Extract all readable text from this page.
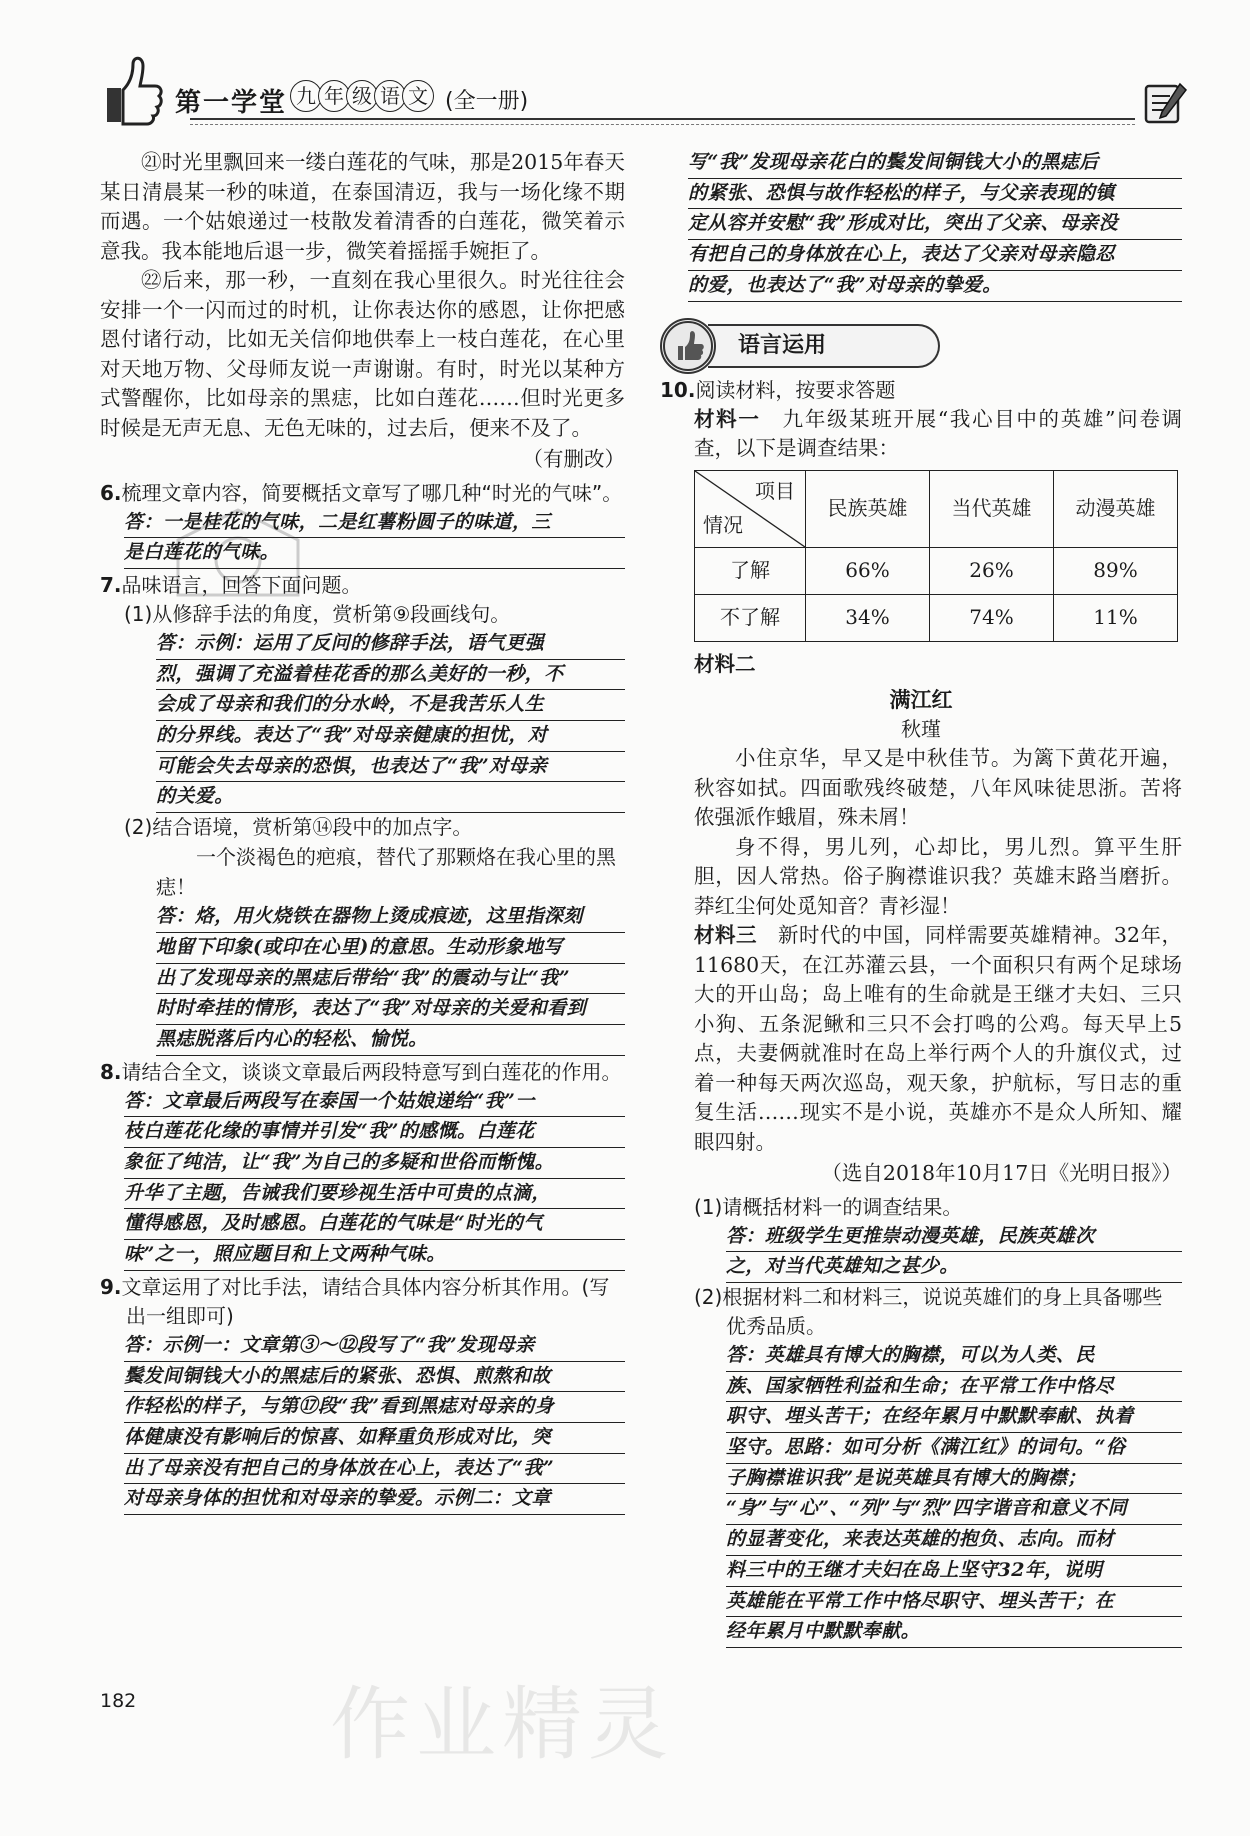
第一学堂 九 年 级 语 文 (全一册)

㉑时光里飘回来一缕白莲花的气味，那是2015年春天某日清晨某一秒的味道，在泰国清迈，我与一场化缘不期而遇。一个姑娘递过一枝散发着清香的白莲花，微笑着示意我。我本能地后退一步，微笑着摇摇手婉拒了。

㉒后来，那一秒，一直刻在我心里很久。时光往往会安排一个一闪而过的时机，让你表达你的感恩，让你把感恩付诸行动，比如无关信仰地供奉上一枝白莲花，在心里对天地万物、父母师友说一声谢谢。有时，时光以某种方式警醒你，比如母亲的黑痣，比如白莲花……但时光更多时候是无声无息、无色无味的，过去后，便来不及了。

（有删改）

6.梳理文章内容，简要概括文章写了哪几种“时光的气味”。

答：一是桂花的气味，二是红薯粉圆子的味道，三
是白莲花的气味。

7.品味语言，回答下面问题。

(1)从修辞手法的角度，赏析第⑨段画线句。

答：示例：运用了反问的修辞手法，语气更强
烈，强调了充溢着桂花香的那么美好的一秒，不
会成了母亲和我们的分水岭，不是我苦乐人生
的分界线。表达了“我”对母亲健康的担忧，对
可能会失去母亲的恐惧，也表达了“我”对母亲
的关爱。

(2)结合语境，赏析第⑭段中的加点字。

一个淡褐色的疤痕，替代了那颗烙在我心里的黑痣！

答：烙，用火烧铁在器物上烫成痕迹，这里指深刻
地留下印象(或印在心里)的意思。生动形象地写
出了发现母亲的黑痣后带给“我”的震动与让“我”
时时牵挂的情形，表达了“我”对母亲的关爱和看到
黑痣脱落后内心的轻松、愉悦。

8.请结合全文，谈谈文章最后两段特意写到白莲花的作用。

答：文章最后两段写在泰国一个姑娘递给“我”一
枝白莲花化缘的事情并引发“我”的感慨。白莲花
象征了纯洁，让“我”为自己的多疑和世俗而惭愧。
升华了主题，告诫我们要珍视生活中可贵的点滴，
懂得感恩，及时感恩。白莲花的气味是“时光的气
味”之一，照应题目和上文两种气味。

9.文章运用了对比手法，请结合具体内容分析其作用。(写出一组即可)

答：示例一：文章第③～⑫段写了“我”发现母亲
鬓发间铜钱大小的黑痣后的紧张、恐惧、煎熬和故
作轻松的样子，与第⑰段“我”看到黑痣对母亲的身
体健康没有影响后的惊喜、如释重负形成对比，突
出了母亲没有把自己的身体放在心上，表达了“我”
对母亲身体的担忧和对母亲的挚爱。示例二：文章
写“我”发现母亲花白的鬓发间铜钱大小的黑痣后
的紧张、恐惧与故作轻松的样子，与父亲表现的镇
定从容并安慰“我”形成对比，突出了父亲、母亲没
有把自己的身体放在心上，表达了父亲对母亲隐忍
的爱，也表达了“我”对母亲的挚爱。
语言运用

10.阅读材料，按要求答题

材料一　 九年级某班开展“我心目中的英雄”问卷调查，以下是调查结果：

项目
情况	民族英雄	当代英雄	动漫英雄
了解	66%	26%	89%
不了解	34%	74%	11%

材料二

满江红

秋瑾

小住京华，早又是中秋佳节。为篱下黄花开遍，秋容如拭。四面歌残终破楚，八年风味徒思浙。苦将侬强派作蛾眉，殊未屑！

身不得，男儿列，心却比，男儿烈。算平生肝胆，因人常热。俗子胸襟谁识我？英雄末路当磨折。莽红尘何处觅知音？青衫湿！

材料三　 新时代的中国，同样需要英雄精神。32年，11680天，在江苏灌云县，一个面积只有两个足球场大的开山岛；岛上唯有的生命就是王继才夫妇、三只小狗、五条泥鳅和三只不会打鸣的公鸡。每天早上5点，夫妻俩就准时在岛上举行两个人的升旗仪式，过着一种每天两次巡岛，观天象，护航标，写日志的重复生活……现实不是小说，英雄亦不是众人所知、耀眼四射。

（选自2018年10月17日《光明日报》）

(1)请概括材料一的调查结果。

答：班级学生更推崇动漫英雄，民族英雄次
之，对当代英雄知之甚少。

(2)根据材料二和材料三，说说英雄们的身上具备哪些优秀品质。

答：英雄具有博大的胸襟，可以为人类、民
族、国家牺牲利益和生命；在平常工作中恪尽
职守、埋头苦干；在经年累月中默默奉献、执着
坚守。思路：如可分析《满江红》的词句。“俗
子胸襟谁识我”是说英雄具有博大的胸襟；
“身”与“心”、“列”与“烈”四字谐音和意义不同
的显著变化，来表达英雄的抱负、志向。而材
料三中的王继才夫妇在岛上坚守32年，说明
英雄能在平常工作中恪尽职守、埋头苦干；在
经年累月中默默奉献。
作业精灵
182
